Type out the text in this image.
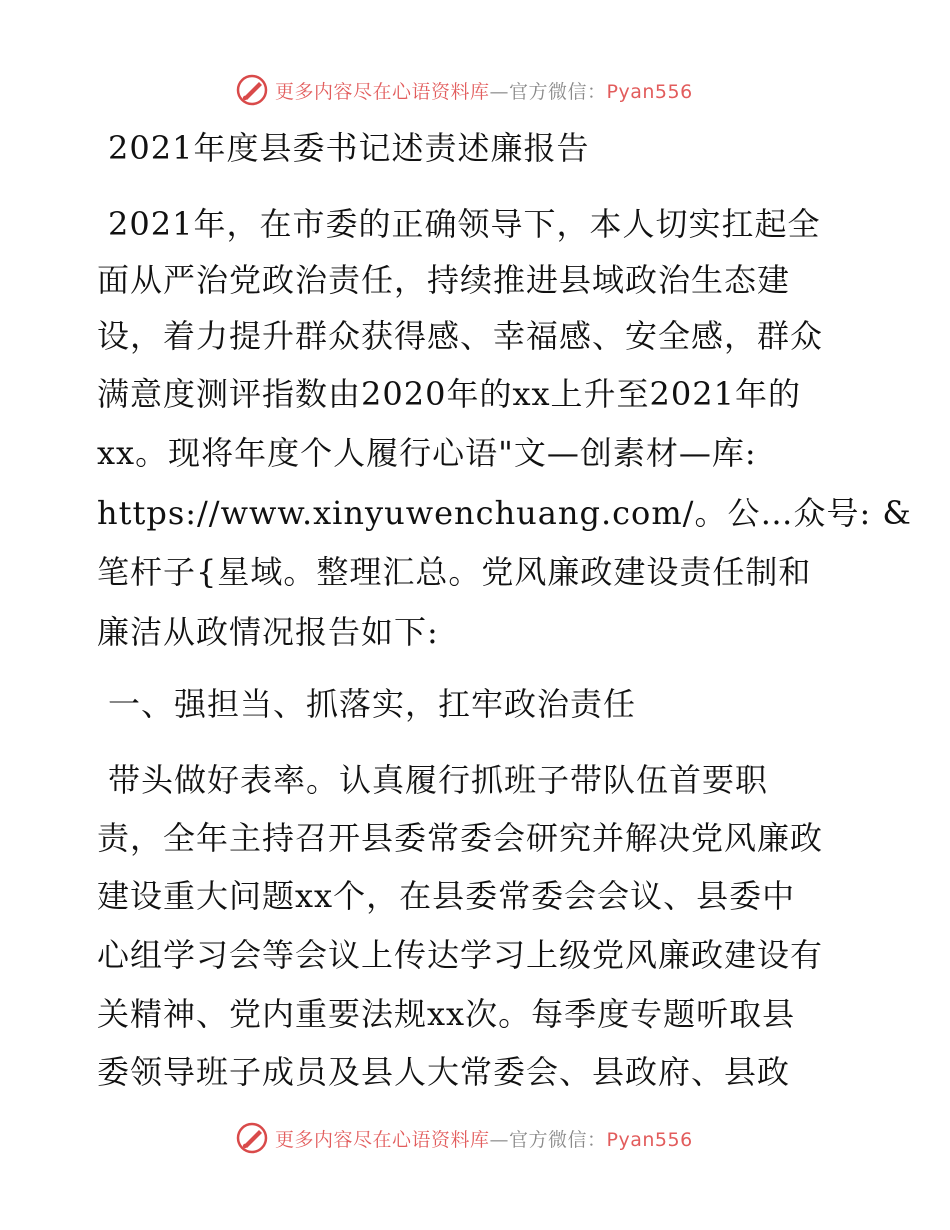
更多内容尽在心语资料库—官方微信：Pyan556
2021年度县委书记述责述廉报告
2021年，在市委的正确领导下，本人切实扛起全
面从严治党政治责任，持续推进县域政治生态建
设，着力提升群众获得感、幸福感、安全感，群众
满意度测评指数由2020年的xx上升至2021年的
xx。现将年度个人履行心语"文—创素材—库:
https://www.xinyuwenchuang.com/。公…众号: &
笔杆子{星域。整理汇总。党风廉政建设责任制和
廉洁从政情况报告如下:
一、强担当、抓落实，扛牢政治责任
带头做好表率。认真履行抓班子带队伍首要职
责，全年主持召开县委常委会研究并解决党风廉政
建设重大问题xx个，在县委常委会会议、县委中
心组学习会等会议上传达学习上级党风廉政建设有
关精神、党内重要法规xx次。每季度专题听取县
委领导班子成员及县人大常委会、县政府、县政
更多内容尽在心语资料库—官方微信：Pyan556
